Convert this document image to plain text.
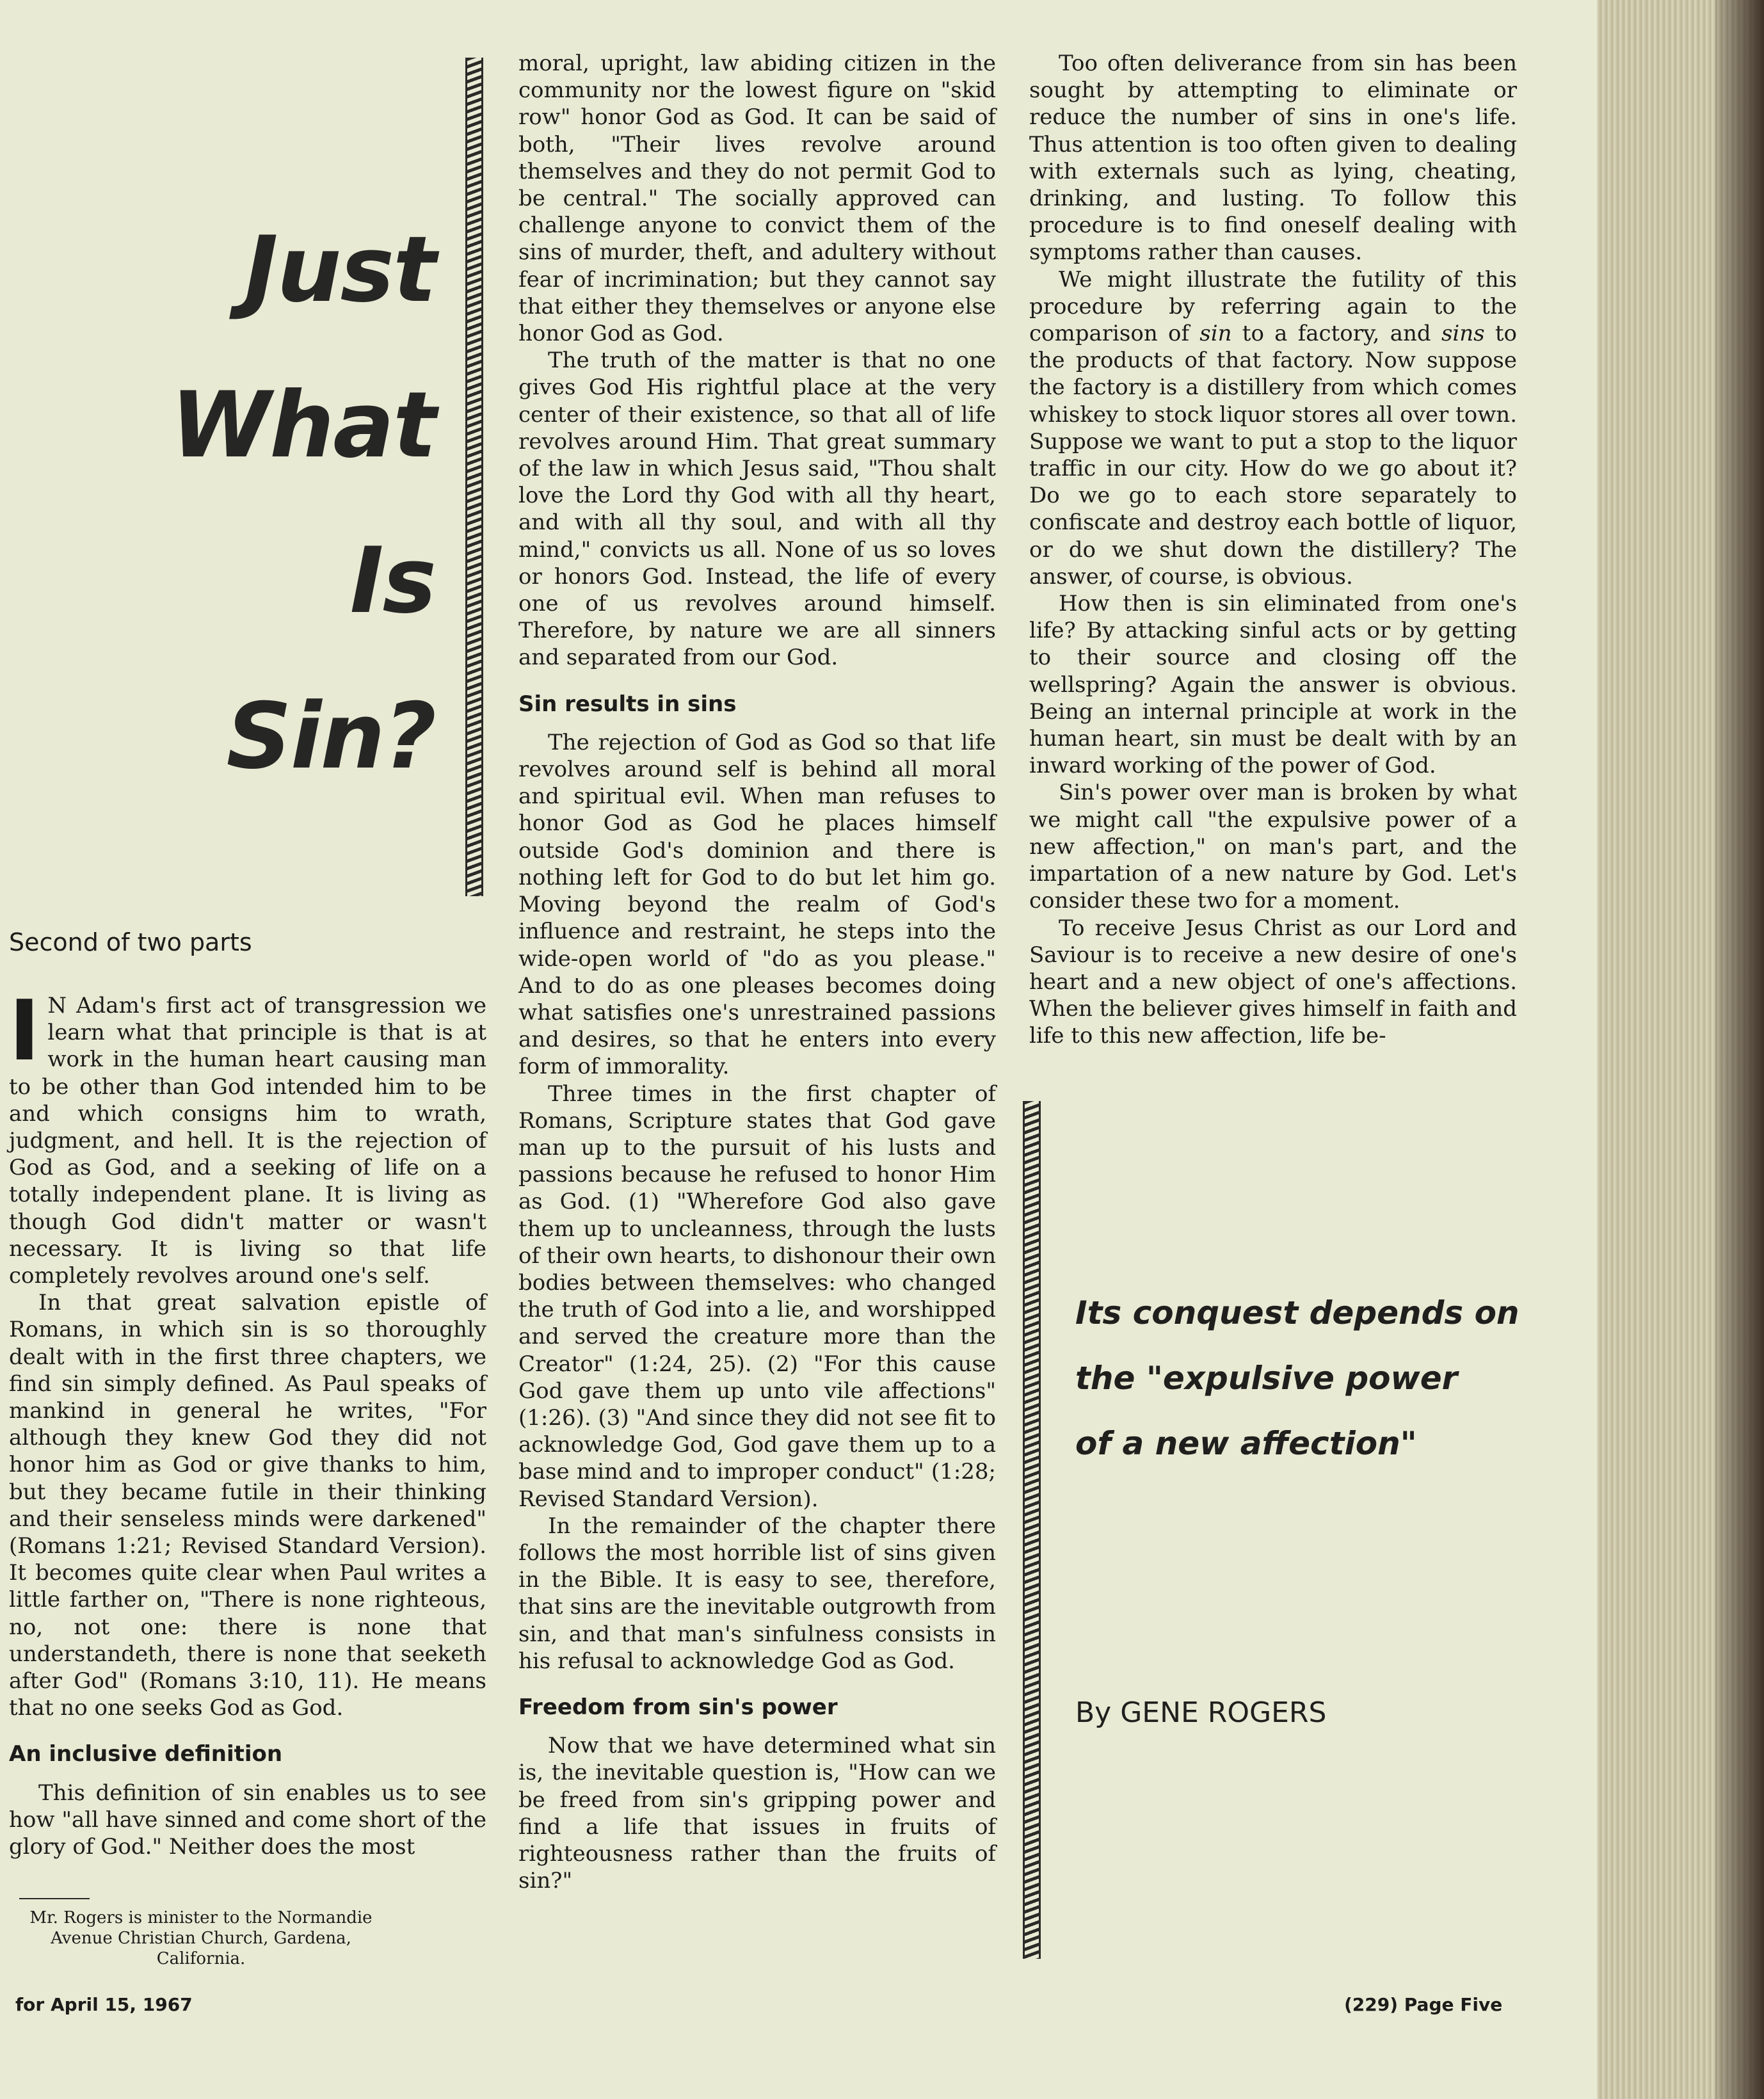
Just
What
Is
Sin?
Second of two parts

I N Adam's first act of transgression we learn what that principle is that is at work in the human heart causing man to be other than God intended him to be and which consigns him to wrath, judgment, and hell. It is the rejection of God as God, and a seeking of life on a totally independent plane. It is living as though God didn't matter or wasn't necessary. It is living so that life completely revolves around one's self.

In that great salvation epistle of Romans, in which sin is so thoroughly dealt with in the first three chapters, we find sin simply defined. As Paul speaks of mankind in general he writes, "For although they knew God they did not honor him as God or give thanks to him, but they became futile in their thinking and their senseless minds were darkened" (Romans 1:21; Revised Standard Version). It becomes quite clear when Paul writes a little farther on, "There is none righteous, no, not one: there is none that understandeth, there is none that seeketh after God" (Romans 3:10, 11). He means that no one seeks God as God.

An inclusive definition

This definition of sin enables us to see how "all have sinned and come short of the glory of God." Neither does the most

Mr. Rogers is minister to the Normandie Avenue Christian Church, Gardena, California.

moral, upright, law abiding citizen in the community nor the lowest figure on "skid row" honor God as God. It can be said of both, "Their lives revolve around themselves and they do not permit God to be central." The socially approved can challenge anyone to convict them of the sins of murder, theft, and adultery without fear of incrimination; but they cannot say that either they themselves or anyone else honor God as God.

The truth of the matter is that no one gives God His rightful place at the very center of their existence, so that all of life revolves around Him. That great summary of the law in which Jesus said, "Thou shalt love the Lord thy God with all thy heart, and with all thy soul, and with all thy mind," convicts us all. None of us so loves or honors God. Instead, the life of every one of us revolves around himself. Therefore, by nature we are all sinners and separated from our God.

Sin results in sins

The rejection of God as God so that life revolves around self is behind all moral and spiritual evil. When man refuses to honor God as God he places himself outside God's dominion and there is nothing left for God to do but let him go. Moving beyond the realm of God's influence and restraint, he steps into the wide-open world of "do as you please." And to do as one pleases becomes doing what satisfies one's unrestrained passions and desires, so that he enters into every form of immorality.

Three times in the first chapter of Romans, Scripture states that God gave man up to the pursuit of his lusts and passions because he refused to honor Him as God. (1) "Wherefore God also gave them up to uncleanness, through the lusts of their own hearts, to dishonour their own bodies between themselves: who changed the truth of God into a lie, and worshipped and served the creature more than the Creator" (1:24, 25). (2) "For this cause God gave them up unto vile affections" (1:26). (3) "And since they did not see fit to acknowledge God, God gave them up to a base mind and to improper conduct" (1:28; Revised Standard Version).

In the remainder of the chapter there follows the most horrible list of sins given in the Bible. It is easy to see, therefore, that sins are the inevitable outgrowth from sin, and that man's sinfulness consists in his refusal to acknowledge God as God.

Freedom from sin's power

Now that we have determined what sin is, the inevitable question is, "How can we be freed from sin's gripping power and find a life that issues in fruits of righteousness rather than the fruits of sin?"

Too often deliverance from sin has been sought by attempting to eliminate or reduce the number of sins in one's life. Thus attention is too often given to dealing with externals such as lying, cheating, drinking, and lusting. To follow this procedure is to find oneself dealing with symptoms rather than causes.

We might illustrate the futility of this procedure by referring again to the comparison of sin to a factory, and sins to the products of that factory. Now suppose the factory is a distillery from which comes whiskey to stock liquor stores all over town. Suppose we want to put a stop to the liquor traffic in our city. How do we go about it? Do we go to each store separately to confiscate and destroy each bottle of liquor, or do we shut down the distillery? The answer, of course, is obvious.

How then is sin eliminated from one's life? By attacking sinful acts or by getting to their source and closing off the wellspring? Again the answer is obvious. Being an internal principle at work in the human heart, sin must be dealt with by an inward working of the power of God.

Sin's power over man is broken by what we might call "the expulsive power of a new affection," on man's part, and the impartation of a new nature by God. Let's consider these two for a moment.

To receive Jesus Christ as our Lord and Saviour is to receive a new desire of one's heart and a new object of one's affections. When the believer gives himself in faith and life to this new affection, life be-

Its conquest depends on
the "expulsive power
of a new affection"
By GENE ROGERS
for April 15, 1967	(229) Page Five
